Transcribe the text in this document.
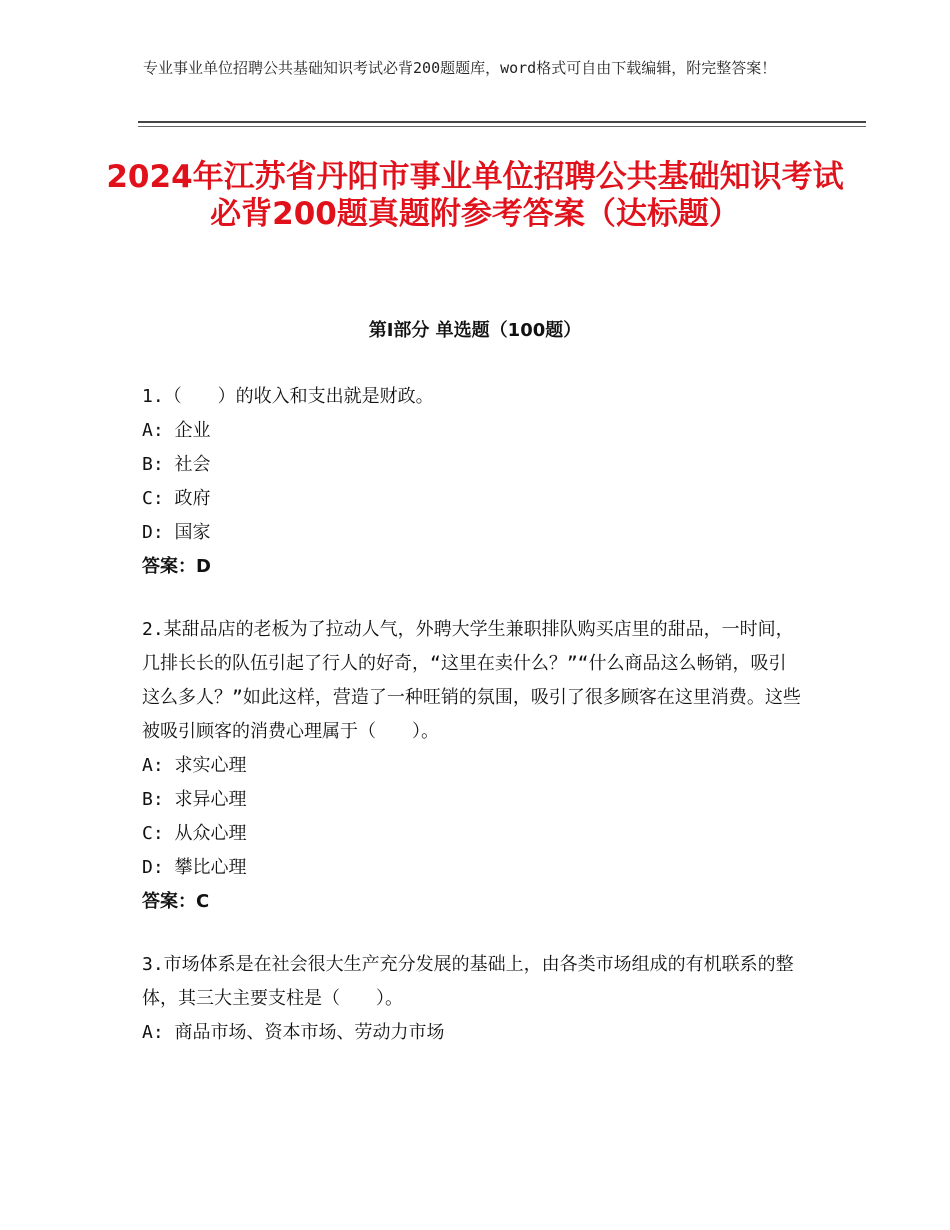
专业事业单位招聘公共基础知识考试必背200题题库，word格式可自由下载编辑，附完整答案！
2024年江苏省丹阳市事业单位招聘公共基础知识考试必背200题真题附参考答案（达标题）
第Ⅰ部分 单选题（100题）

1.（　　）的收入和支出就是财政。

A: 企业

B: 社会

C: 政府

D: 国家

答案：D

2.某甜品店的老板为了拉动人气，外聘大学生兼职排队购买店里的甜品，一时间，几排长长的队伍引起了行人的好奇，“这里在卖什么？”“什么商品这么畅销，吸引这么多人？”如此这样，营造了一种旺销的氛围，吸引了很多顾客在这里消费。这些被吸引顾客的消费心理属于（　　）。

A: 求实心理

B: 求异心理

C: 从众心理

D: 攀比心理

答案：C

3.市场体系是在社会很大生产充分发展的基础上，由各类市场组成的有机联系的整体，其三大主要支柱是（　　）。

A: 商品市场、资本市场、劳动力市场
